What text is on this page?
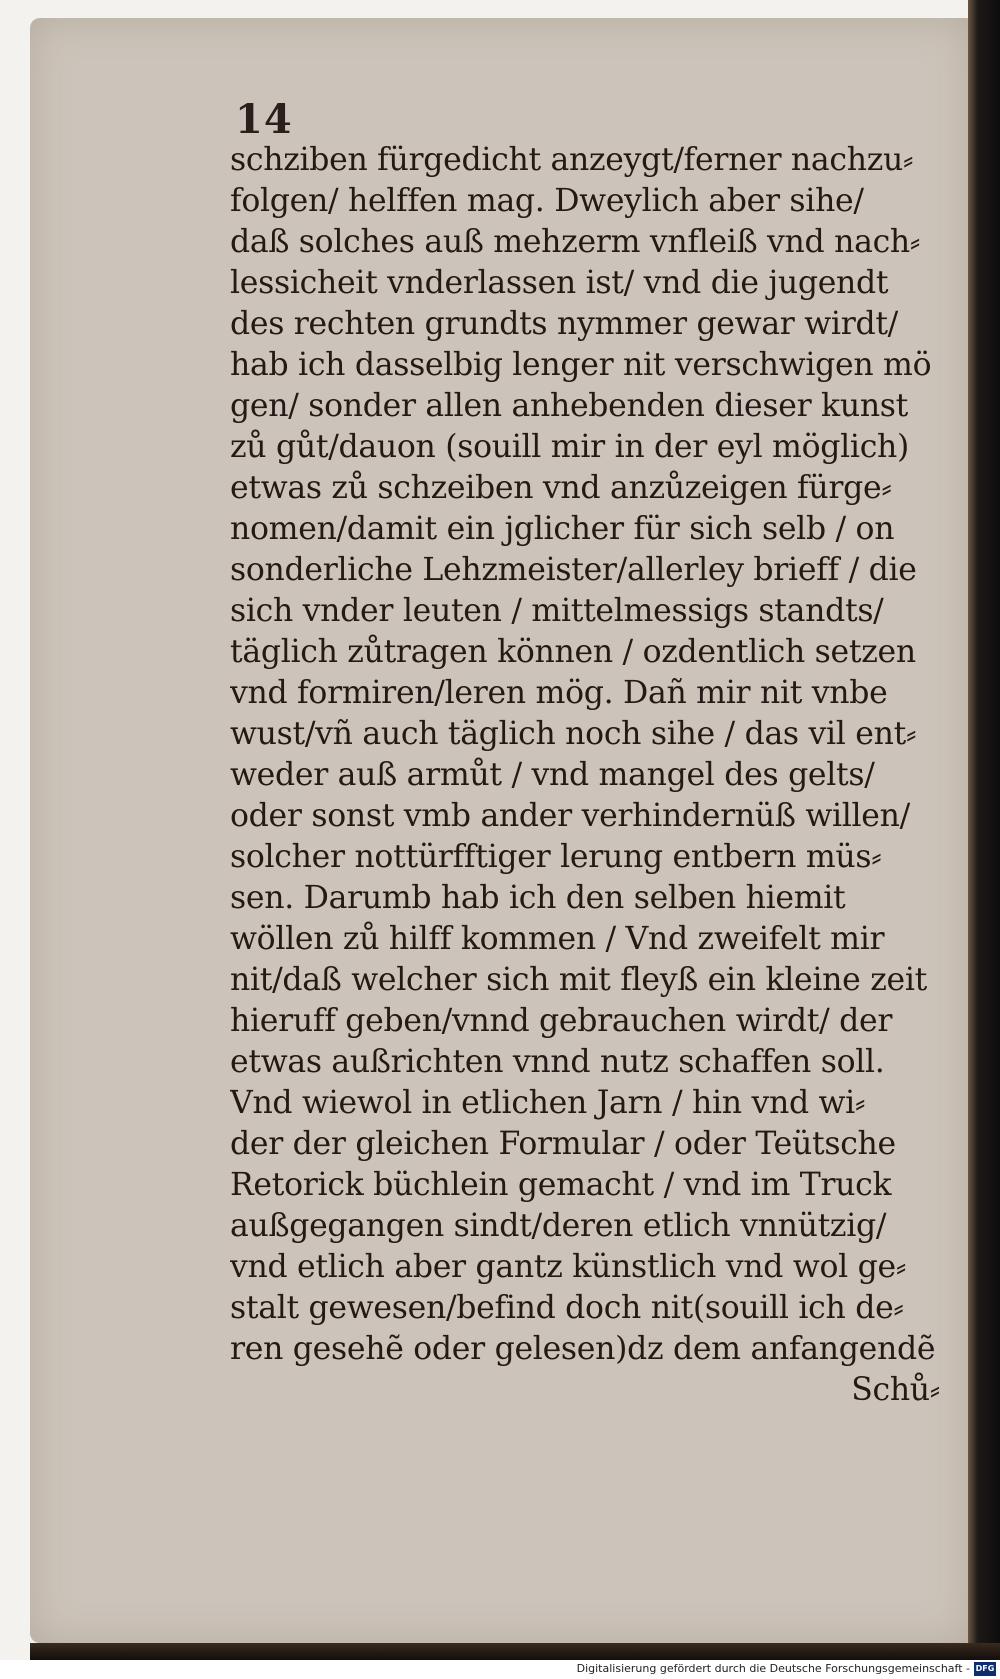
14
schziben fürgedicht anzeygt/ferner nachzu⸗
folgen/ helffen mag. Dweylich aber sihe/
daß solches auß mehzerm vnfleiß vnd nach⸗
lessicheit vnderlassen ist/ vnd die jugendt
des rechten grundts nymmer gewar wirdt/
hab ich dasselbig lenger nit verschwigen mö
gen/ sonder allen anhebenden dieser kunst
zů gůt/dauon (souill mir in der eyl möglich)
etwas zů schzeiben vnd anzůzeigen fürge⸗
nomen/damit ein jglicher für sich selb / on
sonderliche Lehzmeister/allerley brieff / die
sich vnder leuten / mittelmessigs standts/
täglich zůtragen können / ozdentlich setzen
vnd formiren/leren mög. Dañ mir nit vnbe
wust/vñ auch täglich noch sihe / das vil ent⸗
weder auß armůt / vnd mangel des gelts/
oder sonst vmb ander verhindernüß willen/
solcher nottürfftiger lerung entbern müs⸗
sen. Darumb hab ich den selben hiemit
wöllen zů hilff kommen / Vnd zweifelt mir
nit/daß welcher sich mit fleyß ein kleine zeit
hieruff geben/vnnd gebrauchen wirdt/ der
etwas außrichten vnnd nutz schaffen soll.
Vnd wiewol in etlichen Jarn / hin vnd wi⸗
der der gleichen Formular / oder Teütsche
Retorick büchlein gemacht / vnd im Truck
außgegangen sindt/deren etlich vnnützig/
vnd etlich aber gantz künstlich vnd wol ge⸗
stalt gewesen/befind doch nit(souill ich de⸗
ren gesehẽ oder gelesen)dz dem anfangendẽ
Schů⸗
Digitalisierung gefördert durch die Deutsche Forschungsgemeinschaft - DFG
